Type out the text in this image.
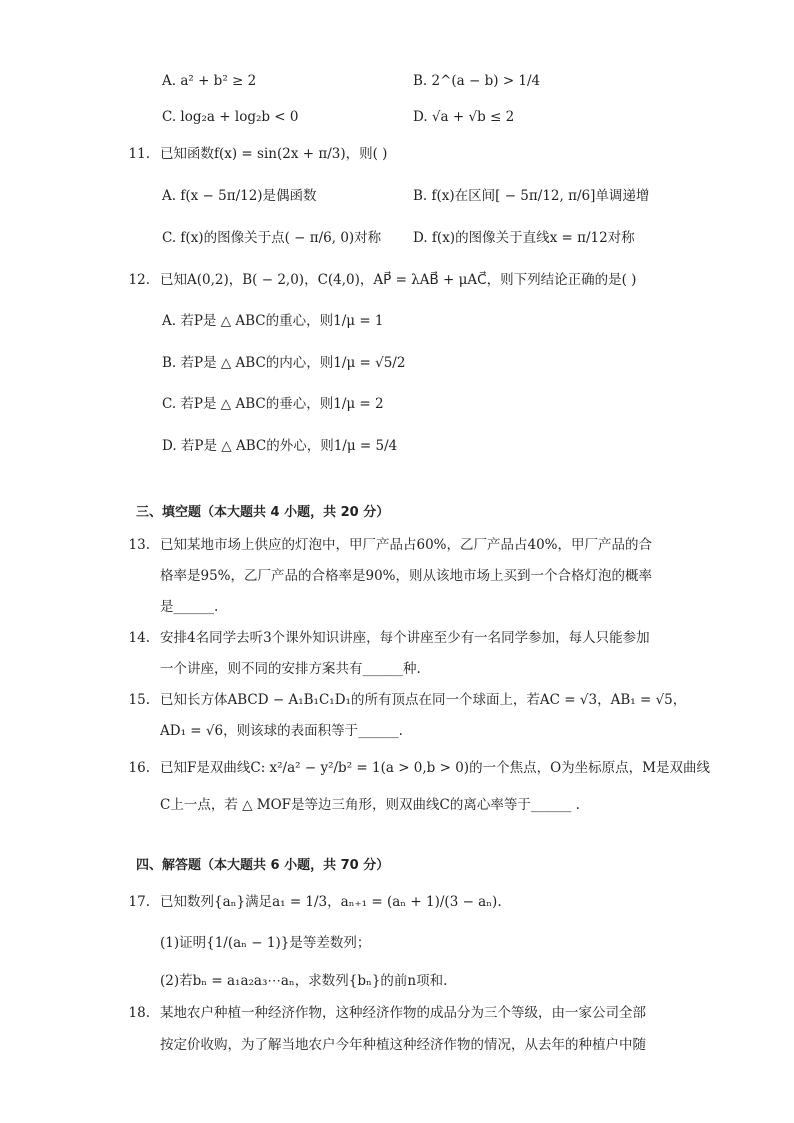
A. a² + b² ≥ 2	B. 2^(a − b) > 1/4
C. log₂a + log₂b < 0	D. √a + √b ≤ 2
11. 已知函数f(x) = sin(2x + π/3)，则( )
A. f(x − 5π/12)是偶函数	B. f(x)在区间[ − 5π/12, π/6]单调递增
C. f(x)的图像关于点( − π/6, 0)对称 D. f(x)的图像关于直线x = π/12对称
12. 已知A(0,2)，B( − 2,0)，C(4,0)，AP⃗ = λAB⃗ + μAC⃗，则下列结论正确的是( )
A. 若P是 △ ABC的重心，则1/μ = 1
B. 若P是 △ ABC的内心，则1/μ = √5/2
C. 若P是 △ ABC的垂心，则1/μ = 2
D. 若P是 △ ABC的外心，则1/μ = 5/4
三、填空题（本大题共 4 小题，共 20 分）
13. 已知某地市场上供应的灯泡中，甲厂产品占60%，乙厂产品占40%，甲厂产品的合
格率是95%，乙厂产品的合格率是90%，则从该地市场上买到一个合格灯泡的概率
是______.
14. 安排4名同学去听3个课外知识讲座，每个讲座至少有一名同学参加，每人只能参加
一个讲座，则不同的安排方案共有______种.
15. 已知长方体ABCD − A₁B₁C₁D₁的所有顶点在同一个球面上，若AC = √3，AB₁ = √5，
AD₁ = √6，则该球的表面积等于______.
16. 已知F是双曲线C: x²/a² − y²/b² = 1(a > 0,b > 0)的一个焦点，O为坐标原点，M是双曲线
C上一点，若 △ MOF是等边三角形，则双曲线C的离心率等于______ .
四、解答题（本大题共 6 小题，共 70 分）
17. 已知数列{aₙ}满足a₁ = 1/3，aₙ₊₁ = (aₙ + 1)/(3 − aₙ).
(1)证明{1/(aₙ − 1)}是等差数列；
(2)若bₙ = a₁a₂a₃⋯aₙ，求数列{bₙ}的前n项和.
18. 某地农户种植一种经济作物，这种经济作物的成品分为三个等级，由一家公司全部
按定价收购，为了解当地农户今年种植这种经济作物的情况，从去年的种植户中随
